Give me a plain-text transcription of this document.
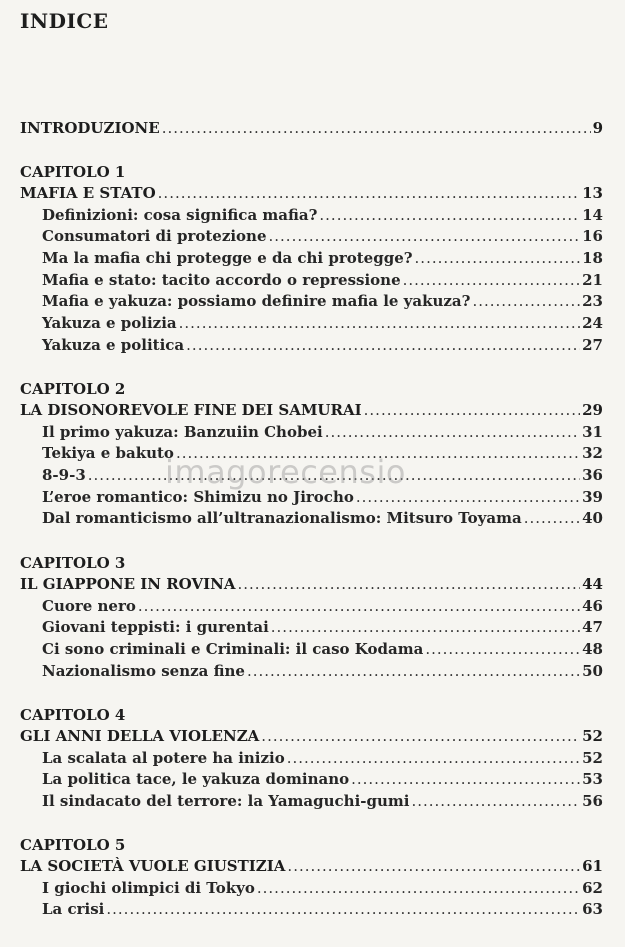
INDICE
INTRODUZIONE .....	9
CAPITOLO 1
MAFIA E STATO .....	13
Definizioni: cosa significa mafia? .....	14
Consumatori di protezione .....	16
Ma la mafia chi protegge e da chi protegge? .....	18
Mafia e stato: tacito accordo o repressione .....	21
Mafia e yakuza: possiamo definire mafia le yakuza? .....	23
Yakuza e polizia .....	24
Yakuza e politica .....	27
CAPITOLO 2
LA DISONOREVOLE FINE DEI SAMURAI .....	29
Il primo yakuza: Banzuiin Chobei .....	31
Tekiya e bakuto .....	32
8-9-3 .....	36
L’eroe romantico: Shimizu no Jirocho .....	39
Dal romanticismo all’ultranazionalismo: Mitsuro Toyama .....	40
CAPITOLO 3
IL GIAPPONE IN ROVINA .....	44
Cuore nero .....	46
Giovani teppisti: i gurentai .....	47
Ci sono criminali e Criminali: il caso Kodama .....	48
Nazionalismo senza fine .....	50
CAPITOLO 4
GLI ANNI DELLA VIOLENZA .....	52
La scalata al potere ha inizio .....	52
La politica tace, le yakuza dominano .....	53
Il sindacato del terrore: la Yamaguchi-gumi .....	56
CAPITOLO 5
LA SOCIETÀ VUOLE GIUSTIZIA .....	61
I giochi olimpici di Tokyo .....	62
La crisi .....	63
imagorecensio
